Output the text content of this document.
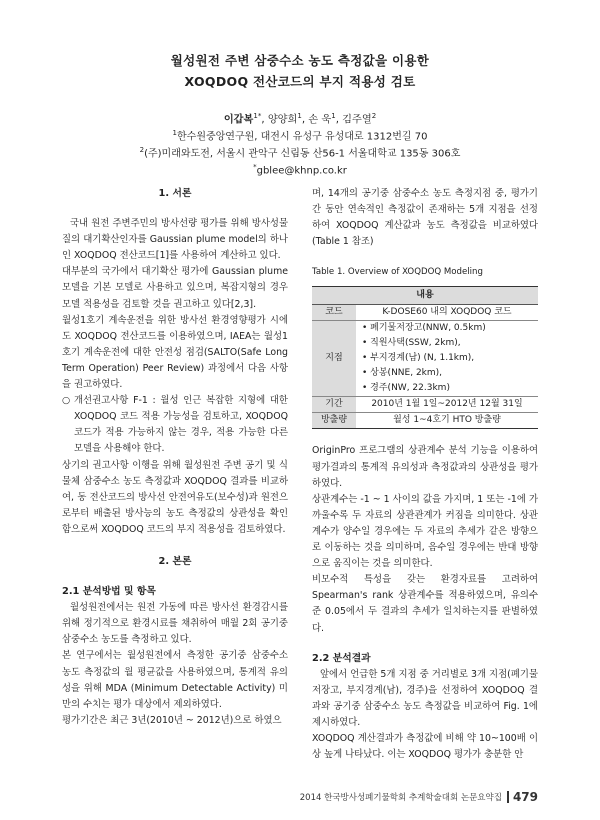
월성원전 주변 삼중수소 농도 측정값을 이용한
XOQDOQ 전산코드의 부지 적용성 검토
이갑복$^{1*}$, 양양희$^1$, 손 욱$^1$, 김주열$^2$
$^1$한수원중앙연구원, 대전시 유성구 유성대로 1312번길 70
$^2$(주)미래와도전, 서울시 관악구 신림동 산56-1 서울대학교 135동 306호
*gblee@khnp.co.kr

1. 서론

국내 원전 주변주민의 방사선량 평가를 위해 방사성물질의 대기확산인자를 Gaussian plume model의 하나인 XOQDOQ 전산코드[1]를 사용하여 계산하고 있다.

대부분의 국가에서 대기확산 평가에 Gaussian plume 모델을 기본 모델로 사용하고 있으며, 복잡지형의 경우 모델 적용성을 검토할 것을 권고하고 있다[2,3].

월성1호기 계속운전을 위한 방사선 환경영향평가 시에도 XOQDOQ 전산코드를 이용하였으며, IAEA는 월성1호기 계속운전에 대한 안전성 점검(SALTO(Safe Long Term Operation) Peer Review) 과정에서 다음 사항을 권고하였다.

○ 개선권고사항 F-1 : 월성 인근 복잡한 지형에 대한 XOQDOQ 코드 적용 가능성을 검토하고, XOQDOQ 코드가 적용 가능하지 않는 경우, 적용 가능한 다른 모델을 사용해야 한다.

상기의 권고사항 이행을 위해 월성원전 주변 공기 및 식물체 삼중수소 농도 측정값과 XOQDOQ 결과를 비교하여, 동 전산코드의 방사선 안전여유도(보수성)과 원전으로부터 배출된 방사능의 농도 측정값의 상관성을 확인함으로써 XOQDOQ 코드의 부지 적용성을 검토하였다.

2. 본론

2.1 분석방법 및 항목

월성원전에서는 원전 가동에 따른 방사선 환경감시를 위해 정기적으로 환경시료를 채취하여 매월 2회 공기중 삼중수소 농도를 측정하고 있다.

본 연구에서는 월성원전에서 측정한 공기중 삼중수소 농도 측정값의 월 평균값을 사용하였으며, 통계적 유의성을 위해 MDA (Minimum Detectable Activity) 미만의 수치는 평가 대상에서 제외하였다.

평가기간은 최근 3년(2010년 ~ 2012년)으로 하였으

며, 14개의 공기중 삼중수소 농도 측정지점 중, 평가기간 동안 연속적인 측정값이 존재하는 5개 지점을 선정하여 XOQDOQ 계산값과 농도 측정값을 비교하였다(Table 1 참조)

Table 1. Overview of XOQDOQ Modeling

내용	
코드	K-DOSE60 내의 XOQDOQ 코드
지점	• 폐기물저장고(NNW, 0.5km)
• 직원사택(SSW, 2km),
• 부지경계(남) (N, 1.1km),
• 상봉(NNE, 2km),
• 경주(NW, 22.3km)

기간	2010년 1월 1일~2012년 12월 31일
방출량	월성 1~4호기 HTO 방출량

OriginPro 프로그램의 상관계수 분석 기능을 이용하여 평가결과의 통계적 유의성과 측정값과의 상관성을 평가하였다.

상관계수는 -1 ~ 1 사이의 값을 가지며, 1 또는 -1에 가까울수록 두 자료의 상관관계가 커짐을 의미한다. 상관계수가 양수일 경우에는 두 자료의 추세가 같은 방향으로 이동하는 것을 의미하며, 음수일 경우에는 반대 방향으로 움직이는 것을 의미한다.

비모수적 특성을 갖는 환경자료를 고려하여 Spearman's rank 상관계수를 적용하였으며, 유의수준 0.05에서 두 결과의 추세가 일치하는지를 판별하였다.

2.2 분석결과

앞에서 언급한 5개 지점 중 거리별로 3개 지점(폐기물저장고, 부지경계(남), 경주)을 선정하여 XOQDOQ 결과와 공기중 삼중수소 농도 측정값을 비교하여 Fig. 1에 제시하였다.

XOQDOQ 계산결과가 측정값에 비해 약 10~100배 이상 높게 나타났다. 이는 XOQDOQ 평가가 충분한 안

2014 한국방사성폐기물학회 추계학술대회 논문요약집 479
